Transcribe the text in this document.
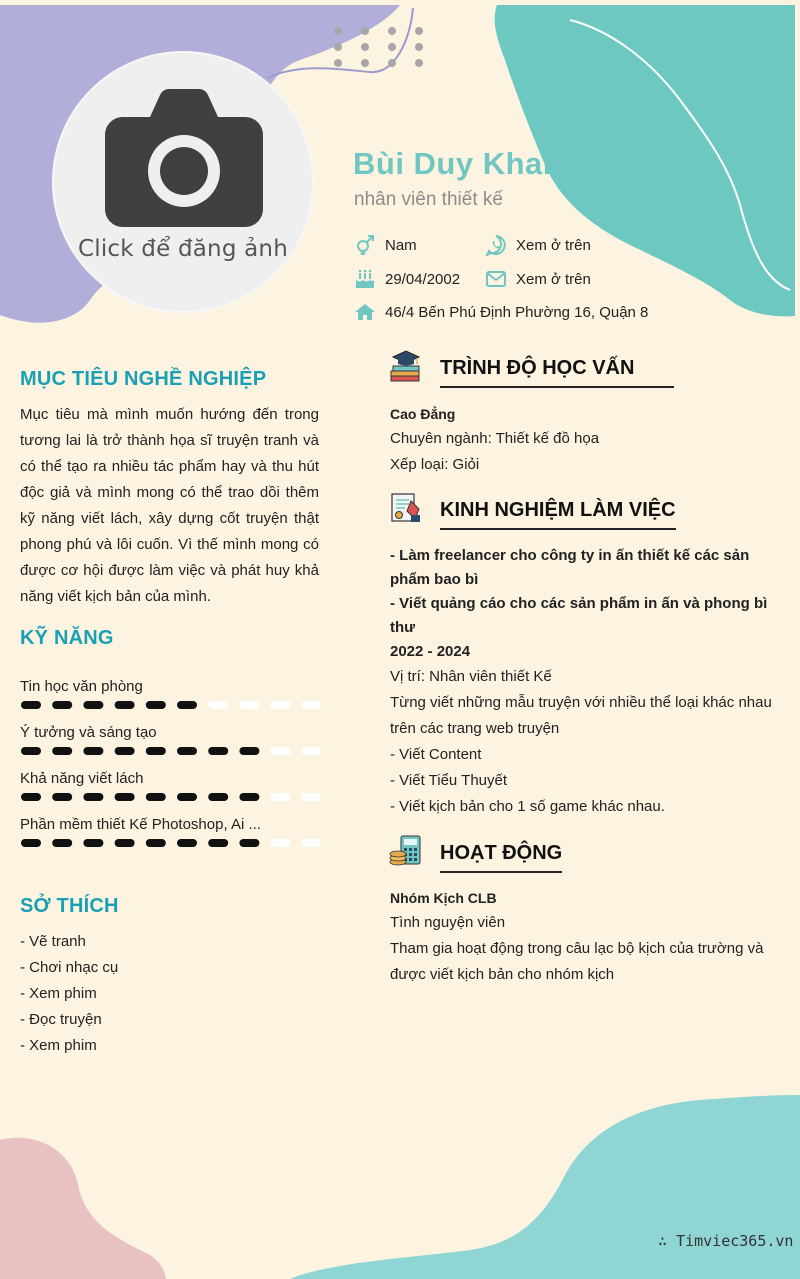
Click để đăng ảnh
Bùi Duy Khang
nhân viên thiết kế
Nam	Xem ở trên
29/04/2002	Xem ở trên
46/4 Bến Phú Định Phường 16, Quận 8
MỤC TIÊU NGHỀ NGHIỆP
Mục tiêu mà mình muốn hướng đến trong tương lai là trở thành họa sĩ truyện tranh và có thể tạo ra nhiều tác phẩm hay và thu hút độc giả và mình mong có thể trao dồi thêm kỹ năng viết lách, xây dựng cốt truyện thật phong phú và lôi cuốn. Vì thế mình mong có được cơ hội được làm việc và phát huy khả năng viết kịch bản của mình.
KỸ NĂNG
Tin học văn phòng
Ý tưởng và sáng tạo
Khả năng viết lách
Phần mềm thiết Kế Photoshop, Ai ...
SỞ THÍCH
- Vẽ tranh
- Chơi nhạc cụ
- Xem phim
- Đọc truyện
- Xem phim
TRÌNH ĐỘ HỌC VẤN
Cao Đẳng
Chuyên ngành: Thiết kế đồ họa
Xếp loại: Giỏi
KINH NGHIỆM LÀM VIỆC
- Làm freelancer cho công ty in ấn thiết kế các sản phẩm bao bì
- Viết quảng cáo cho các sản phẩm in ấn và phong bì thư
2022 - 2024
Vị trí: Nhân viên thiết Kế
Từng viết những mẫu truyện với nhiều thể loại khác nhau trên các trang web truyện
- Viết Content
- Viết Tiểu Thuyết
- Viết kịch bản cho 1 số game khác nhau.
HOẠT ĐỘNG
Nhóm Kịch CLB
Tình nguyện viên
Tham gia hoạt động trong câu lạc bộ kịch của trường và được viết kịch bản cho nhóm kịch
∴ Timviec365.vn
